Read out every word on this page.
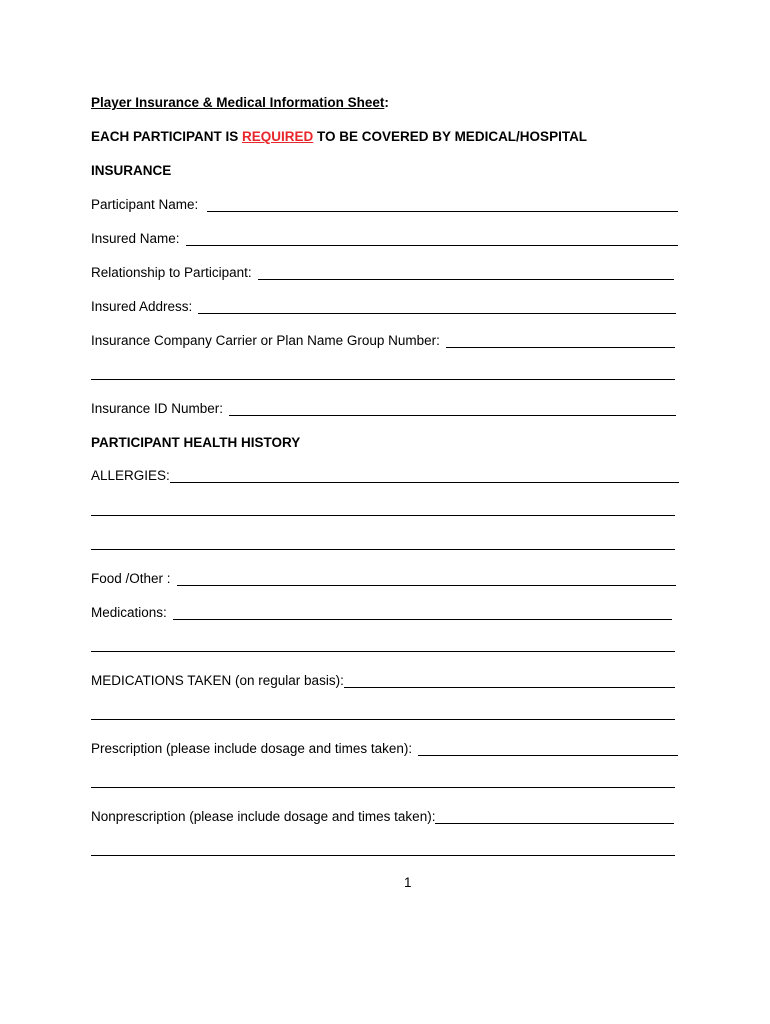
Player Insurance & Medical Information Sheet:
EACH PARTICIPANT IS REQUIRED TO BE COVERED BY MEDICAL/HOSPITAL
INSURANCE
Participant Name:
Insured Name:
Relationship to Participant:
Insured Address:
Insurance Company Carrier or Plan Name Group Number:
Insurance ID Number:
PARTICIPANT HEALTH HISTORY
ALLERGIES:
Food /Other :
Medications:
MEDICATIONS TAKEN (on regular basis):
Prescription (please include dosage and times taken):
Nonprescription (please include dosage and times taken):
1
